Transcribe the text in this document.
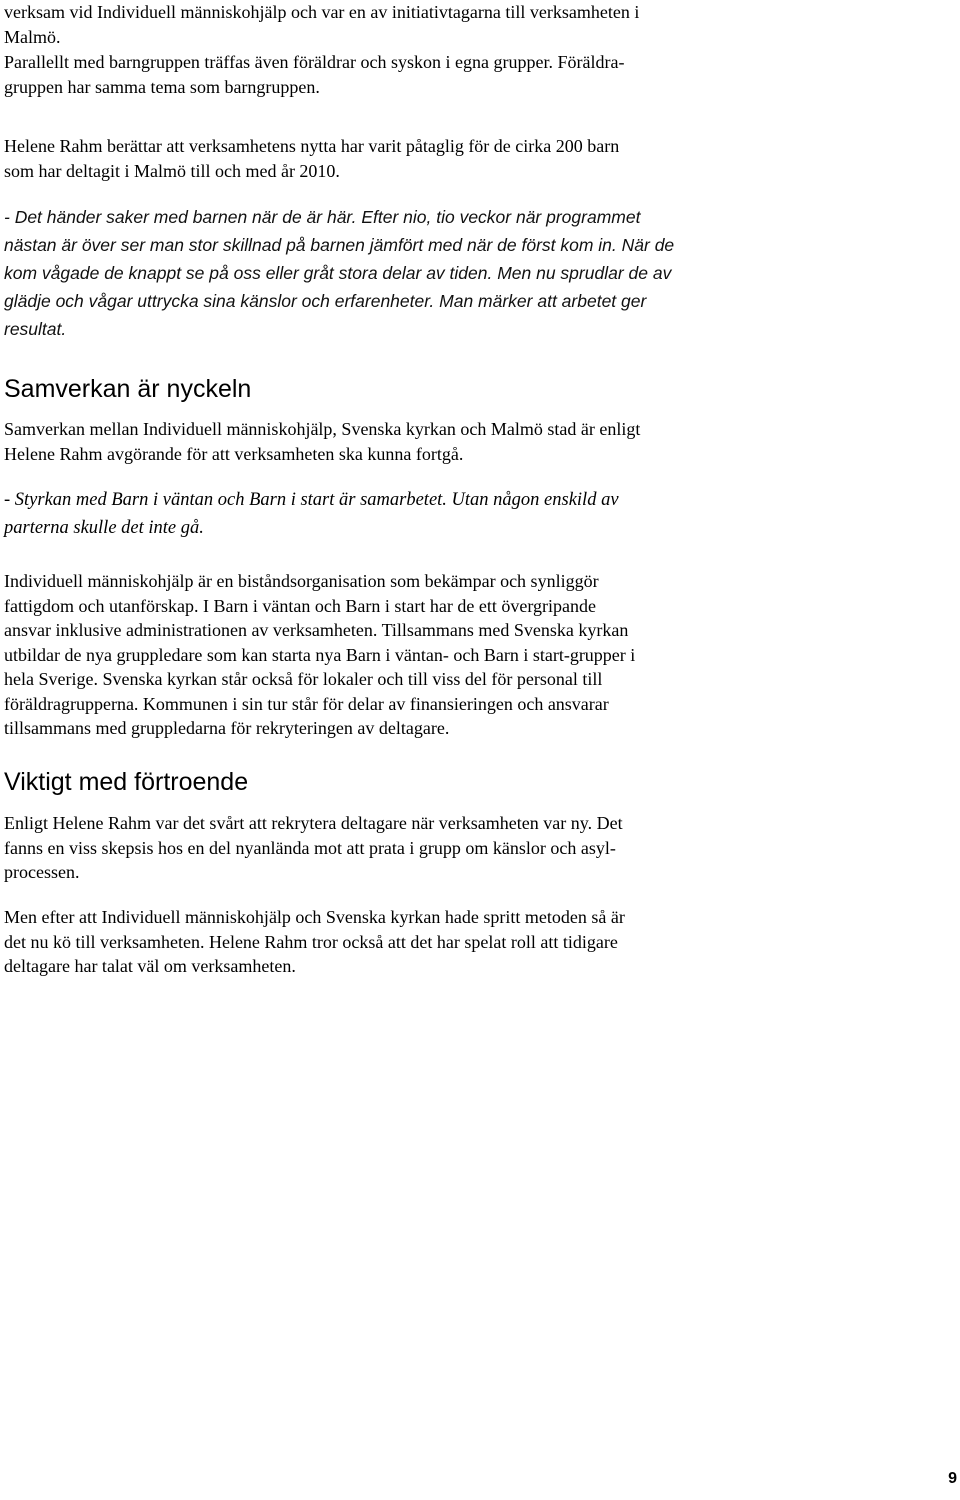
verksam vid Individuell människohjälp och var en av initiativtagarna till verksamheten i
Malmö.
Parallellt med barngruppen träffas även föräldrar och syskon i egna grupper. Föräldra-
gruppen har samma tema som barngruppen.
Helene Rahm berättar att verksamhetens nytta har varit påtaglig för de cirka 200 barn
som har deltagit i Malmö till och med år 2010.
- Det händer saker med barnen när de är här. Efter nio, tio veckor när programmet
nästan är över ser man stor skillnad på barnen jämfört med när de först kom in. När de
kom vågade de knappt se på oss eller gråt stora delar av tiden. Men nu sprudlar de av
glädje och vågar uttrycka sina känslor och erfarenheter. Man märker att arbetet ger
resultat.
Samverkan är nyckeln
Samverkan mellan Individuell människohjälp, Svenska kyrkan och Malmö stad är enligt
Helene Rahm avgörande för att verksamheten ska kunna fortgå.
- Styrkan med Barn i väntan och Barn i start är samarbetet. Utan någon enskild av
parterna skulle det inte gå.
Individuell människohjälp är en biståndsorganisation som bekämpar och synliggör
fattigdom och utanförskap. I Barn i väntan och Barn i start har de ett övergripande
ansvar inklusive administrationen av verksamheten. Tillsammans med Svenska kyrkan
utbildar de nya gruppledare som kan starta nya Barn i väntan- och Barn i start-grupper i
hela Sverige. Svenska kyrkan står också för lokaler och till viss del för personal till
föräldragrupperna. Kommunen i sin tur står för delar av finansieringen och ansvarar
tillsammans med gruppledarna för rekryteringen av deltagare.
Viktigt med förtroende
Enligt Helene Rahm var det svårt att rekrytera deltagare när verksamheten var ny. Det
fanns en viss skepsis hos en del nyanlända mot att prata i grupp om känslor och asyl-
processen.
Men efter att Individuell människohjälp och Svenska kyrkan hade spritt metoden så är
det nu kö till verksamheten. Helene Rahm tror också att det har spelat roll att tidigare
deltagare har talat väl om verksamheten.
9
